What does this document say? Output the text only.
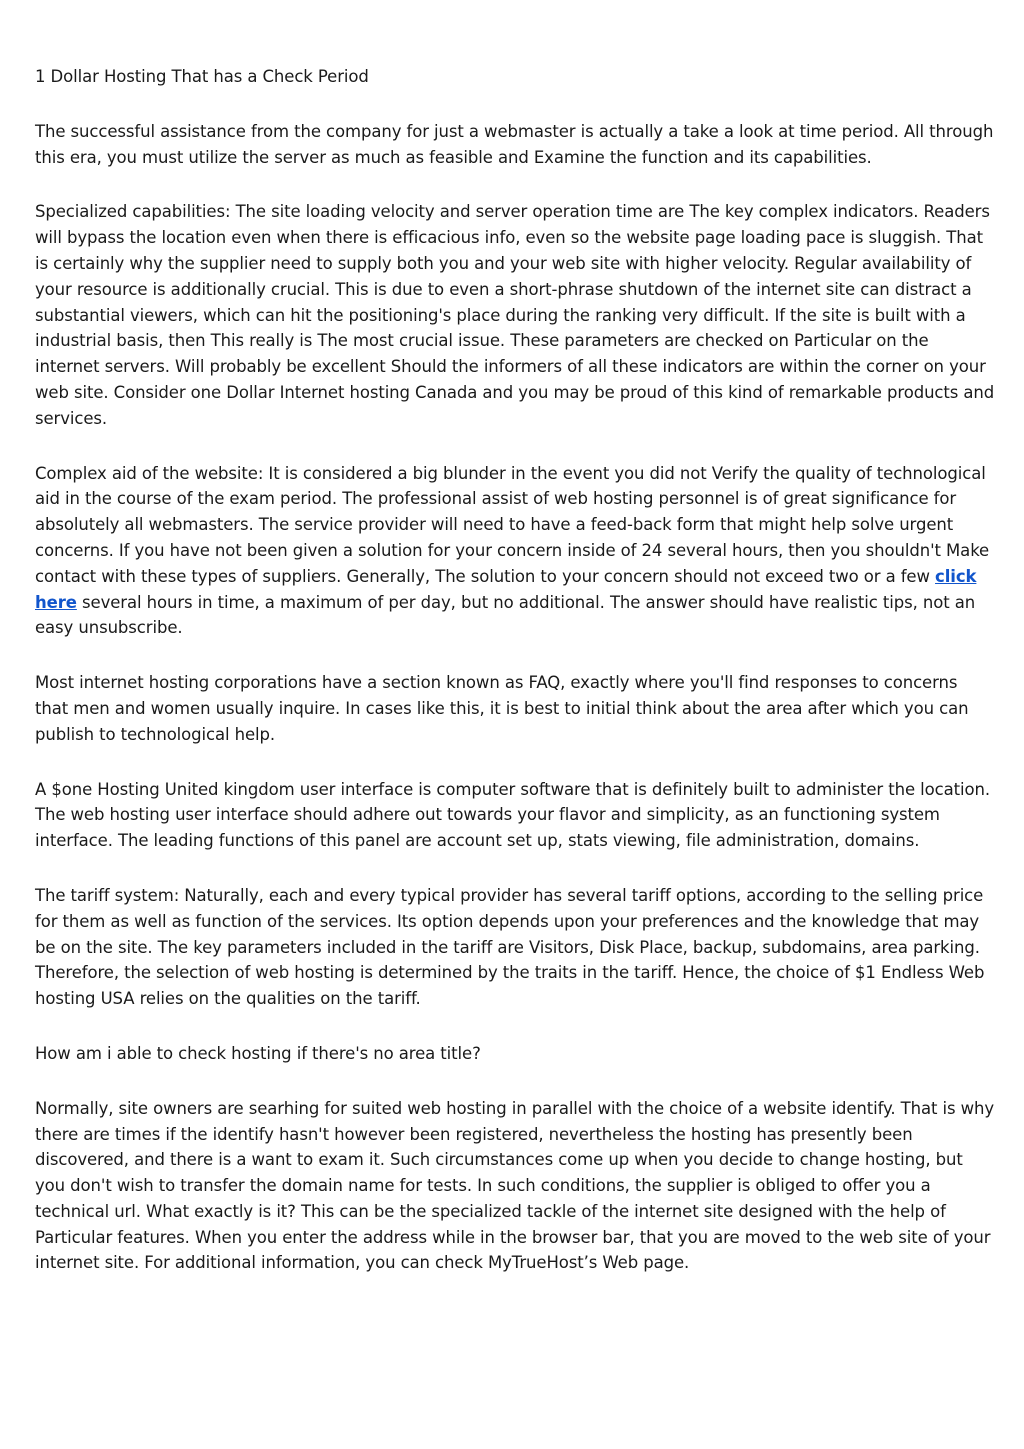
1 Dollar Hosting That has a Check Period

The successful assistance from the company for just a webmaster is actually a take a look at time period. All through this era, you must utilize the server as much as feasible and Examine the function and its capabilities.

Specialized capabilities: The site loading velocity and server operation time are The key complex indicators. Readers will bypass the location even when there is efficacious info, even so the website page loading pace is sluggish. That is certainly why the supplier need to supply both you and your web site with higher velocity. Regular availability of your resource is additionally crucial. This is due to even a short-phrase shutdown of the internet site can distract a substantial viewers, which can hit the positioning's place during the ranking very difficult. If the site is built with a industrial basis, then This really is The most crucial issue. These parameters are checked on Particular on the internet servers. Will probably be excellent Should the informers of all these indicators are within the corner on your web site. Consider one Dollar Internet hosting Canada and you may be proud of this kind of remarkable products and services.

Complex aid of the website: It is considered a big blunder in the event you did not Verify the quality of technological aid in the course of the exam period. The professional assist of web hosting personnel is of great significance for absolutely all webmasters. The service provider will need to have a feed-back form that might help solve urgent concerns. If you have not been given a solution for your concern inside of 24 several hours, then you shouldn't Make contact with these types of suppliers. Generally, The solution to your concern should not exceed two or a few click here several hours in time, a maximum of per day, but no additional. The answer should have realistic tips, not an easy unsubscribe.

Most internet hosting corporations have a section known as FAQ, exactly where you'll find responses to concerns that men and women usually inquire. In cases like this, it is best to initial think about the area after which you can publish to technological help.

A $one Hosting United kingdom user interface is computer software that is definitely built to administer the location. The web hosting user interface should adhere out towards your flavor and simplicity, as an functioning system interface. The leading functions of this panel are account set up, stats viewing, file administration, domains.

The tariff system: Naturally, each and every typical provider has several tariff options, according to the selling price for them as well as function of the services. Its option depends upon your preferences and the knowledge that may be on the site. The key parameters included in the tariff are Visitors, Disk Place, backup, subdomains, area parking. Therefore, the selection of web hosting is determined by the traits in the tariff. Hence, the choice of $1 Endless Web hosting USA relies on the qualities on the tariff.

How am i able to check hosting if there's no area title?

Normally, site owners are searhing for suited web hosting in parallel with the choice of a website identify. That is why there are times if the identify hasn't however been registered, nevertheless the hosting has presently been discovered, and there is a want to exam it. Such circumstances come up when you decide to change hosting, but you don't wish to transfer the domain name for tests. In such conditions, the supplier is obliged to offer you a technical url. What exactly is it? This can be the specialized tackle of the internet site designed with the help of Particular features. When you enter the address while in the browser bar, that you are moved to the web site of your internet site. For additional information, you can check MyTrueHost’s Web page.
